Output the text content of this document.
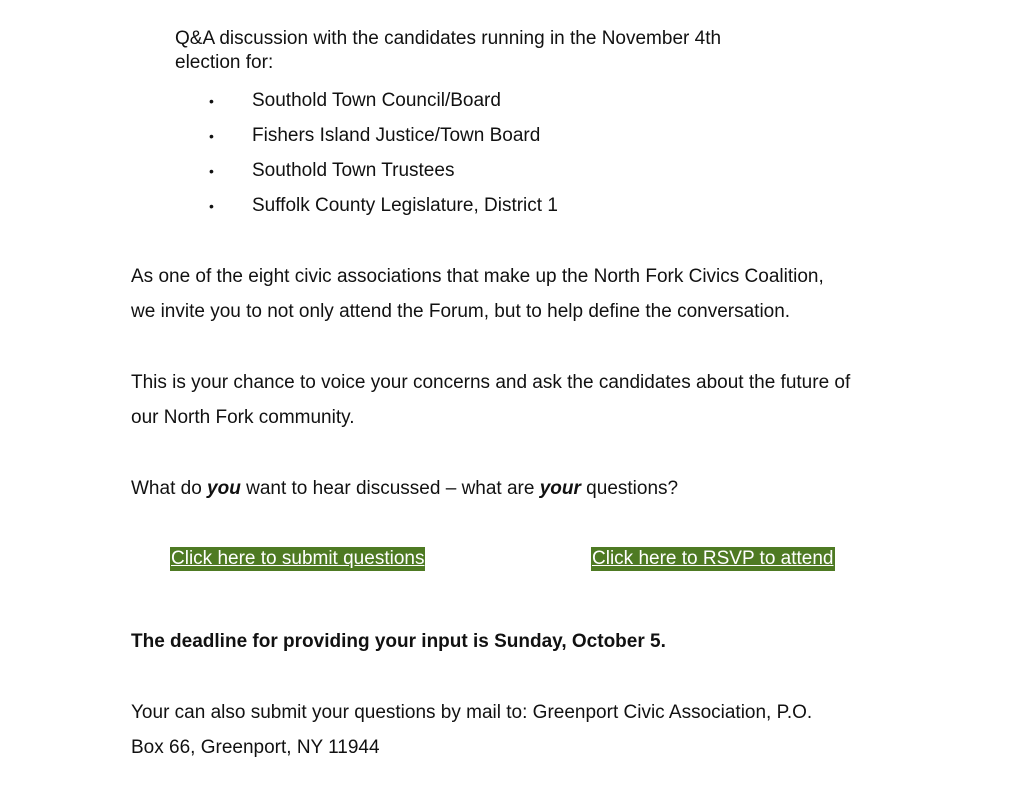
Q&A discussion with the candidates running in the November 4th
election for:

• Southold Town Council/Board
• Fishers Island Justice/Town Board
• Southold Town Trustees
• Suffolk County Legislature, District 1

As one of the eight civic associations that make up the North Fork Civics Coalition,
we invite you to not only attend the Forum, but to help define the conversation.

This is your chance to voice your concerns and ask the candidates about the future of
our North Fork community.

What do you want to hear discussed – what are your questions?

Click here to submit questions	Click here to RSVP to attend

The deadline for providing your input is Sunday, October 5.

Your can also submit your questions by mail to: Greenport Civic Association, P.O.
Box 66, Greenport, NY 11944
